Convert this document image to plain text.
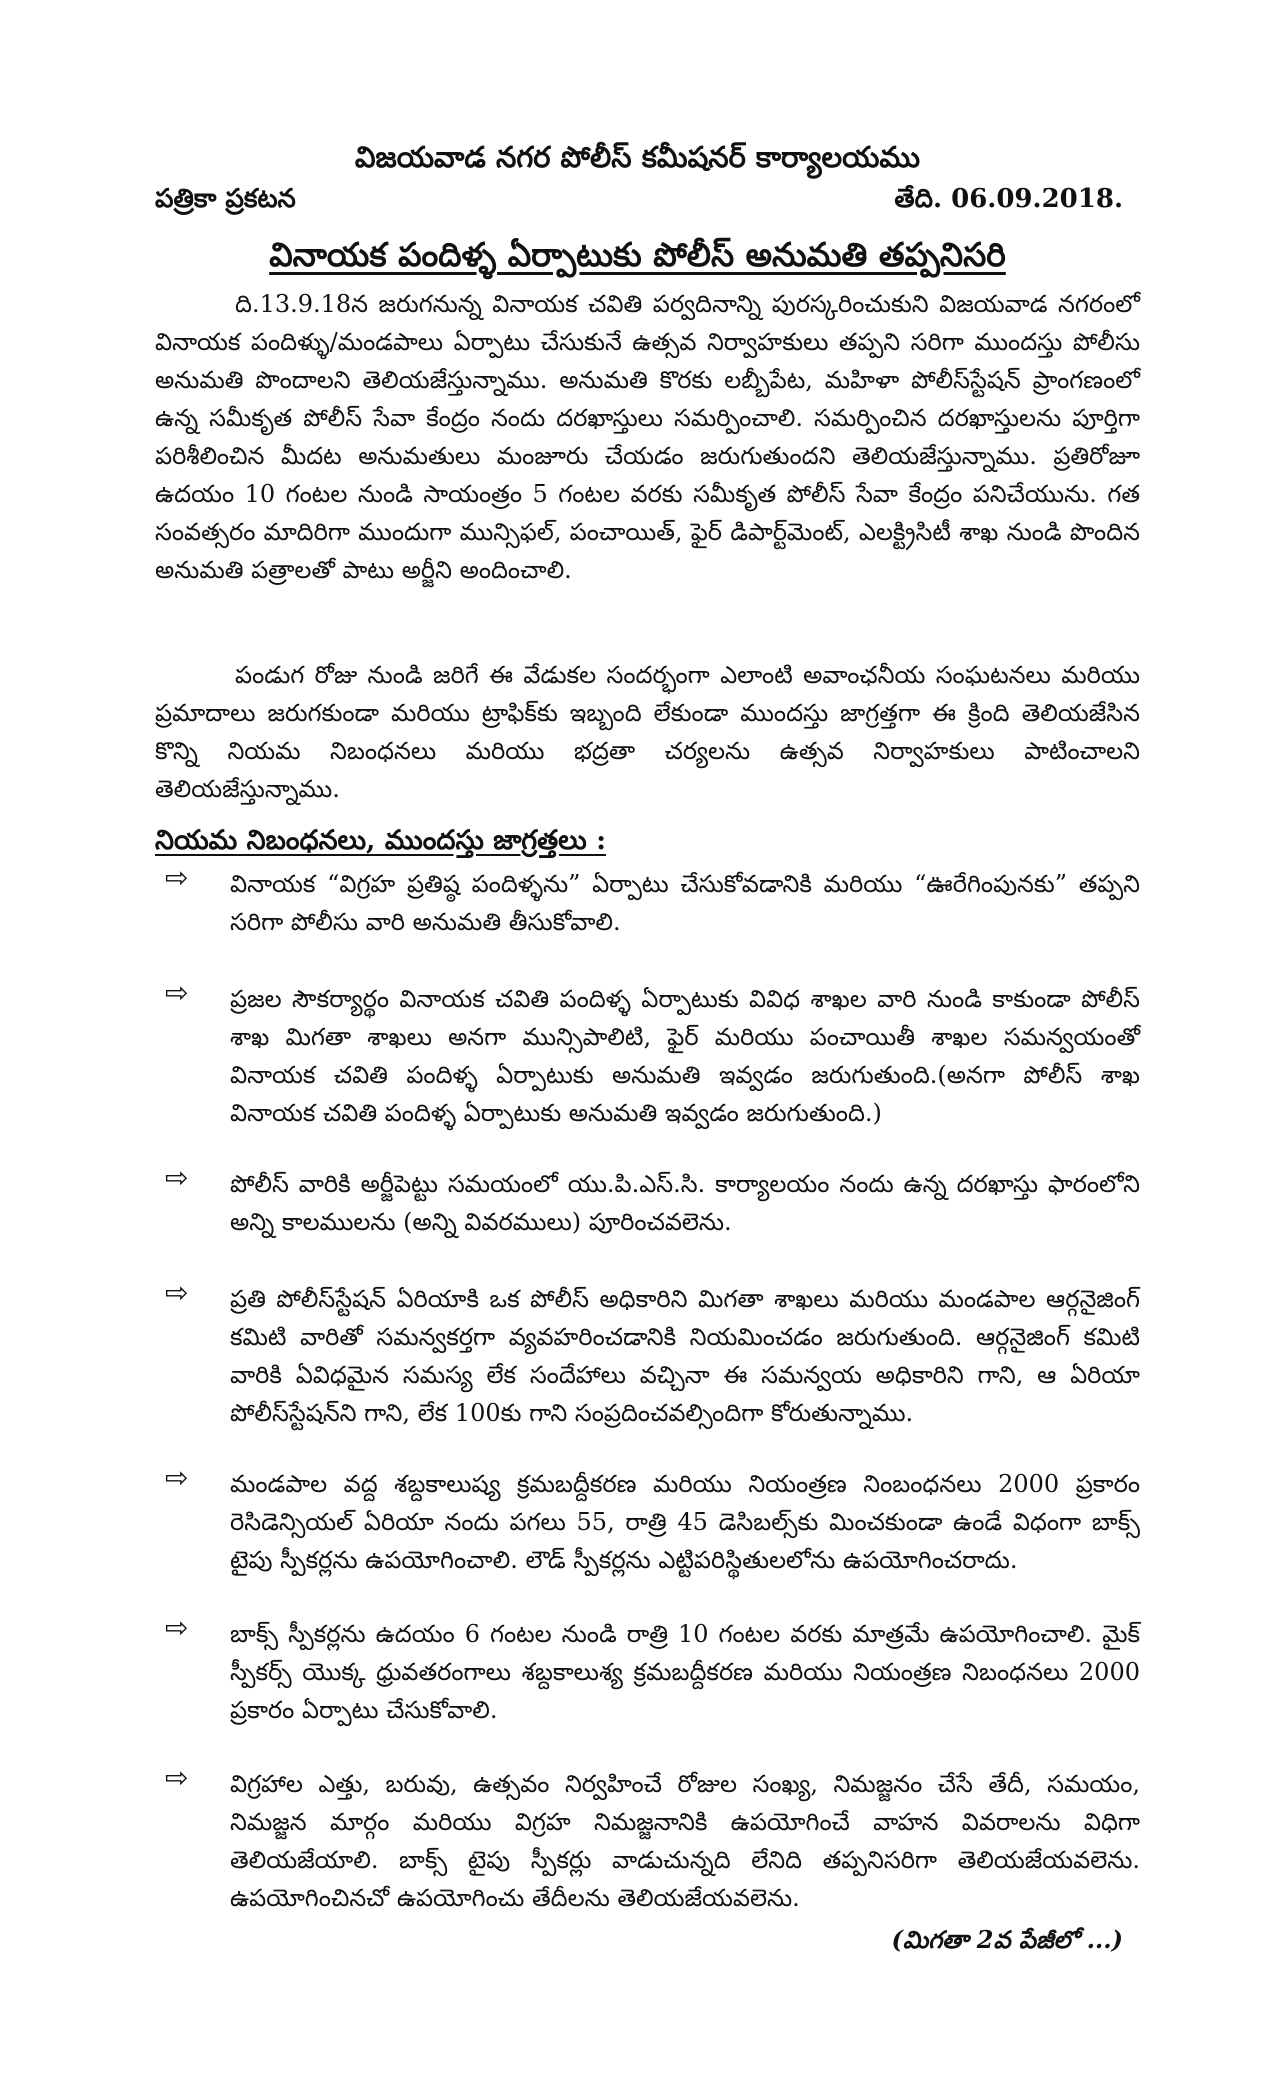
విజయవాడ నగర పోలీస్ కమీషనర్ కార్యాలయము
పత్రికా ప్రకటన	తేది. 06.09.2018.
వినాయక పందిళ్ళ ఏర్పాటుకు పోలీస్ అనుమతి తప్పనిసరి

ది.13.9.18న జరుగనున్న వినాయక చవితి పర్వదినాన్ని పురస్కరించుకుని విజయవాడ నగరంలో వినాయక పందిళ్ళు/మండపాలు ఏర్పాటు చేసుకునే ఉత్సవ నిర్వాహకులు తప్పని సరిగా ముందస్తు పోలీసు అనుమతి పొందాలని తెలియజేస్తున్నాము. అనుమతి కొరకు లబ్బీపేట, మహిళా పోలీస్‌స్టేషన్ ప్రాంగణంలో ఉన్న సమీకృత పోలీస్ సేవా కేంద్రం నందు దరఖాస్తులు సమర్పించాలి. సమర్పించిన దరఖాస్తులను పూర్తిగా పరిశీలించిన మీదట అనుమతులు మంజూరు చేయడం జరుగుతుందని తెలియజేస్తున్నాము. ప్రతిరోజూ ఉదయం 10 గంటల నుండి సాయంత్రం 5 గంటల వరకు సమీకృత పోలీస్ సేవా కేంద్రం పనిచేయును. గత సంవత్సరం మాదిరిగా ముందుగా మున్సిఫల్, పంచాయిత్, ఫైర్ డిపార్ట్‌మెంట్, ఎలక్ట్రిసిటీ శాఖ నుండి పొందిన అనుమతి పత్రాలతో పాటు అర్జీని అందించాలి.

పండుగ రోజు నుండి జరిగే ఈ వేడుకల సందర్భంగా ఎలాంటి అవాంఛనీయ సంఘటనలు మరియు ప్రమాదాలు జరుగకుండా మరియు ట్రాఫిక్‌కు ఇబ్బంది లేకుండా ముందస్తు జాగ్రత్తగా ఈ క్రింది తెలియజేసిన కొన్ని నియమ నిబంధనలు మరియు భద్రతా చర్యలను ఉత్సవ నిర్వాహకులు పాటించాలని తెలియజేస్తున్నాము.

నియమ నిబంధనలు, ముందస్తు జాగ్రత్తలు :
⇨ వినాయక “విగ్రహ ప్రతిష్ఠ పందిళ్ళను” ఏర్పాటు చేసుకోవడానికి మరియు “ఊరేగింపునకు” తప్పని సరిగా పోలీసు వారి అనుమతి తీసుకోవాలి.

⇨ ప్రజల సౌకర్యార్థం వినాయక చవితి పందిళ్ళ ఏర్పాటుకు వివిధ శాఖల వారి నుండి కాకుండా పోలీస్ శాఖ మిగతా శాఖలు అనగా మున్సిపాలిటి, ఫైర్ మరియు పంచాయితీ శాఖల సమన్వయంతో వినాయక చవితి పందిళ్ళ ఏర్పాటుకు అనుమతి ఇవ్వడం జరుగుతుంది.(అనగా పోలీస్ శాఖ వినాయక చవితి పందిళ్ళ ఏర్పాటుకు అనుమతి ఇవ్వడం జరుగుతుంది.)

⇨ పోలీస్ వారికి అర్జీపెట్టు సమయంలో యు.పి.ఎస్.సి. కార్యాలయం నందు ఉన్న దరఖాస్తు ఫారంలోని అన్ని కాలములను (అన్ని వివరములు) పూరించవలెను.

⇨ ప్రతి పోలీస్‌స్టేషన్ ఏరియాకి ఒక పోలీస్ అధికారిని మిగతా శాఖలు మరియు మండపాల ఆర్గనైజింగ్ కమిటి వారితో సమన్వకర్తగా వ్యవహరించడానికి నియమించడం జరుగుతుంది. ఆర్గనైజింగ్ కమిటి వారికి ఏవిధమైన సమస్య లేక సందేహాలు వచ్చినా ఈ సమన్వయ అధికారిని గాని, ఆ ఏరియా పోలీస్‌స్టేషన్‌ని గాని, లేక 100కు గాని సంప్రదించవల్సిందిగా కోరుతున్నాము.

⇨ మండపాల వద్ద శబ్దకాలుష్య క్రమబద్దీకరణ మరియు నియంత్రణ నింబంధనలు 2000 ప్రకారం రెసిడెన్సియల్ ఏరియా నందు పగలు 55, రాత్రి 45 డెసిబల్స్‌కు మించకుండా ఉండే విధంగా బాక్స్ టైపు స్పీకర్లను ఉపయోగించాలి. లౌడ్ స్పీకర్లను ఎట్టిపరిస్థితులలోను ఉపయోగించరాదు.

⇨ బాక్స్ స్పీకర్లను ఉదయం 6 గంటల నుండి రాత్రి 10 గంటల వరకు మాత్రమే ఉపయోగించాలి. మైక్ స్పీకర్స్ యొక్క ధ్రువతరంగాలు శబ్దకాలుశ్య క్రమబద్దీకరణ మరియు నియంత్రణ నిబంధనలు 2000 ప్రకారం ఏర్పాటు చేసుకోవాలి.

⇨ విగ్రహాల ఎత్తు, బరువు, ఉత్సవం నిర్వహించే రోజుల సంఖ్య, నిమజ్జనం చేసే తేదీ, సమయం, నిమజ్జన మార్గం మరియు విగ్రహ నిమజ్జనానికి ఉపయోగించే వాహన వివరాలను విధిగా తెలియజేయాలి. బాక్స్ టైపు స్పీకర్లు వాడుచున్నది లేనిది తప్పనిసరిగా తెలియజేయవలెను. ఉపయోగించినచో ఉపయోగించు తేదీలను తెలియజేయవలెను.

(మిగతా 2వ పేజీలో ...)
